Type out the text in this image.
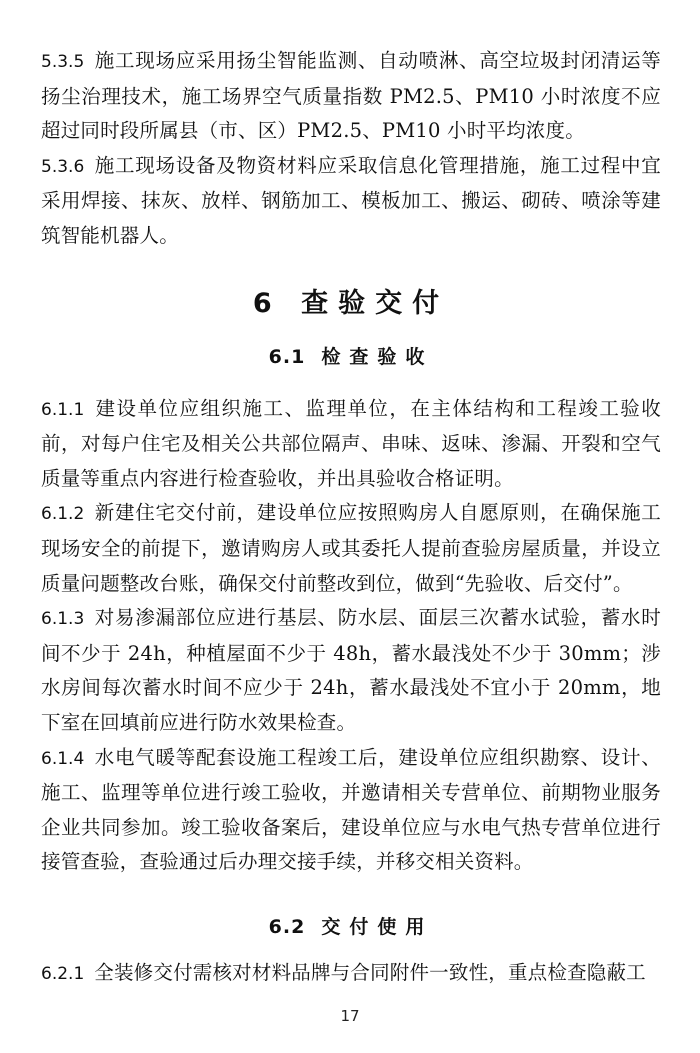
5.3.5 施工现场应采用扬尘智能监测、自动喷淋、高空垃圾封闭清运等扬尘治理技术，施工场界空气质量指数 PM2.5、PM10 小时浓度不应超过同时段所属县（市、区）PM2.5、PM10 小时平均浓度。

5.3.6 施工现场设备及物资材料应采取信息化管理措施，施工过程中宜采用焊接、抹灰、放样、钢筋加工、模板加工、搬运、砌砖、喷涂等建筑智能机器人。

6 查验交付
6.1 检查验收

6.1.1 建设单位应组织施工、监理单位，在主体结构和工程竣工验收前，对每户住宅及相关公共部位隔声、串味、返味、渗漏、开裂和空气质量等重点内容进行检查验收，并出具验收合格证明。

6.1.2 新建住宅交付前，建设单位应按照购房人自愿原则，在确保施工现场安全的前提下，邀请购房人或其委托人提前查验房屋质量，并设立质量问题整改台账，确保交付前整改到位，做到“先验收、后交付”。

6.1.3 对易渗漏部位应进行基层、防水层、面层三次蓄水试验，蓄水时间不少于 24h，种植屋面不少于 48h，蓄水最浅处不少于 30mm；涉水房间每次蓄水时间不应少于 24h，蓄水最浅处不宜小于 20mm，地下室在回填前应进行防水效果检查。

6.1.4 水电气暖等配套设施工程竣工后，建设单位应组织勘察、设计、施工、监理等单位进行竣工验收，并邀请相关专营单位、前期物业服务企业共同参加。竣工验收备案后，建设单位应与水电气热专营单位进行接管查验，查验通过后办理交接手续，并移交相关资料。

6.2 交付使用

6.2.1 全装修交付需核对材料品牌与合同附件一致性，重点检查隐蔽工

17
